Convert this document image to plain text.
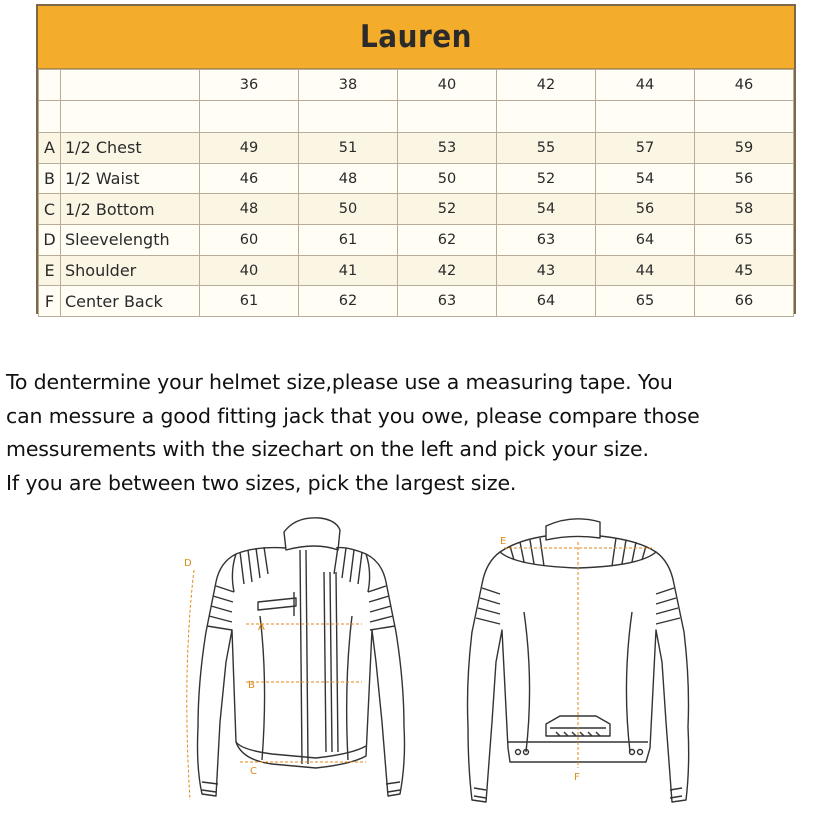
Lauren
		36	38	40	42	44	46

A	1/2 Chest	49	51	53	55	57	59
B	1/2 Waist	46	48	50	52	54	56
C	1/2 Bottom	48	50	52	54	56	58
D	Sleevelength	60	61	62	63	64	65
E	Shoulder	40	41	42	43	44	45
F	Center Back	61	62	63	64	65	66

To dentermine your helmet size,please use a measuring tape. You

can messure a good fitting jack that you owe, please compare those

messurements with the sizechart on the left and pick your size.

If you are between two sizes, pick the largest size.

D
A
B
C
E
F
